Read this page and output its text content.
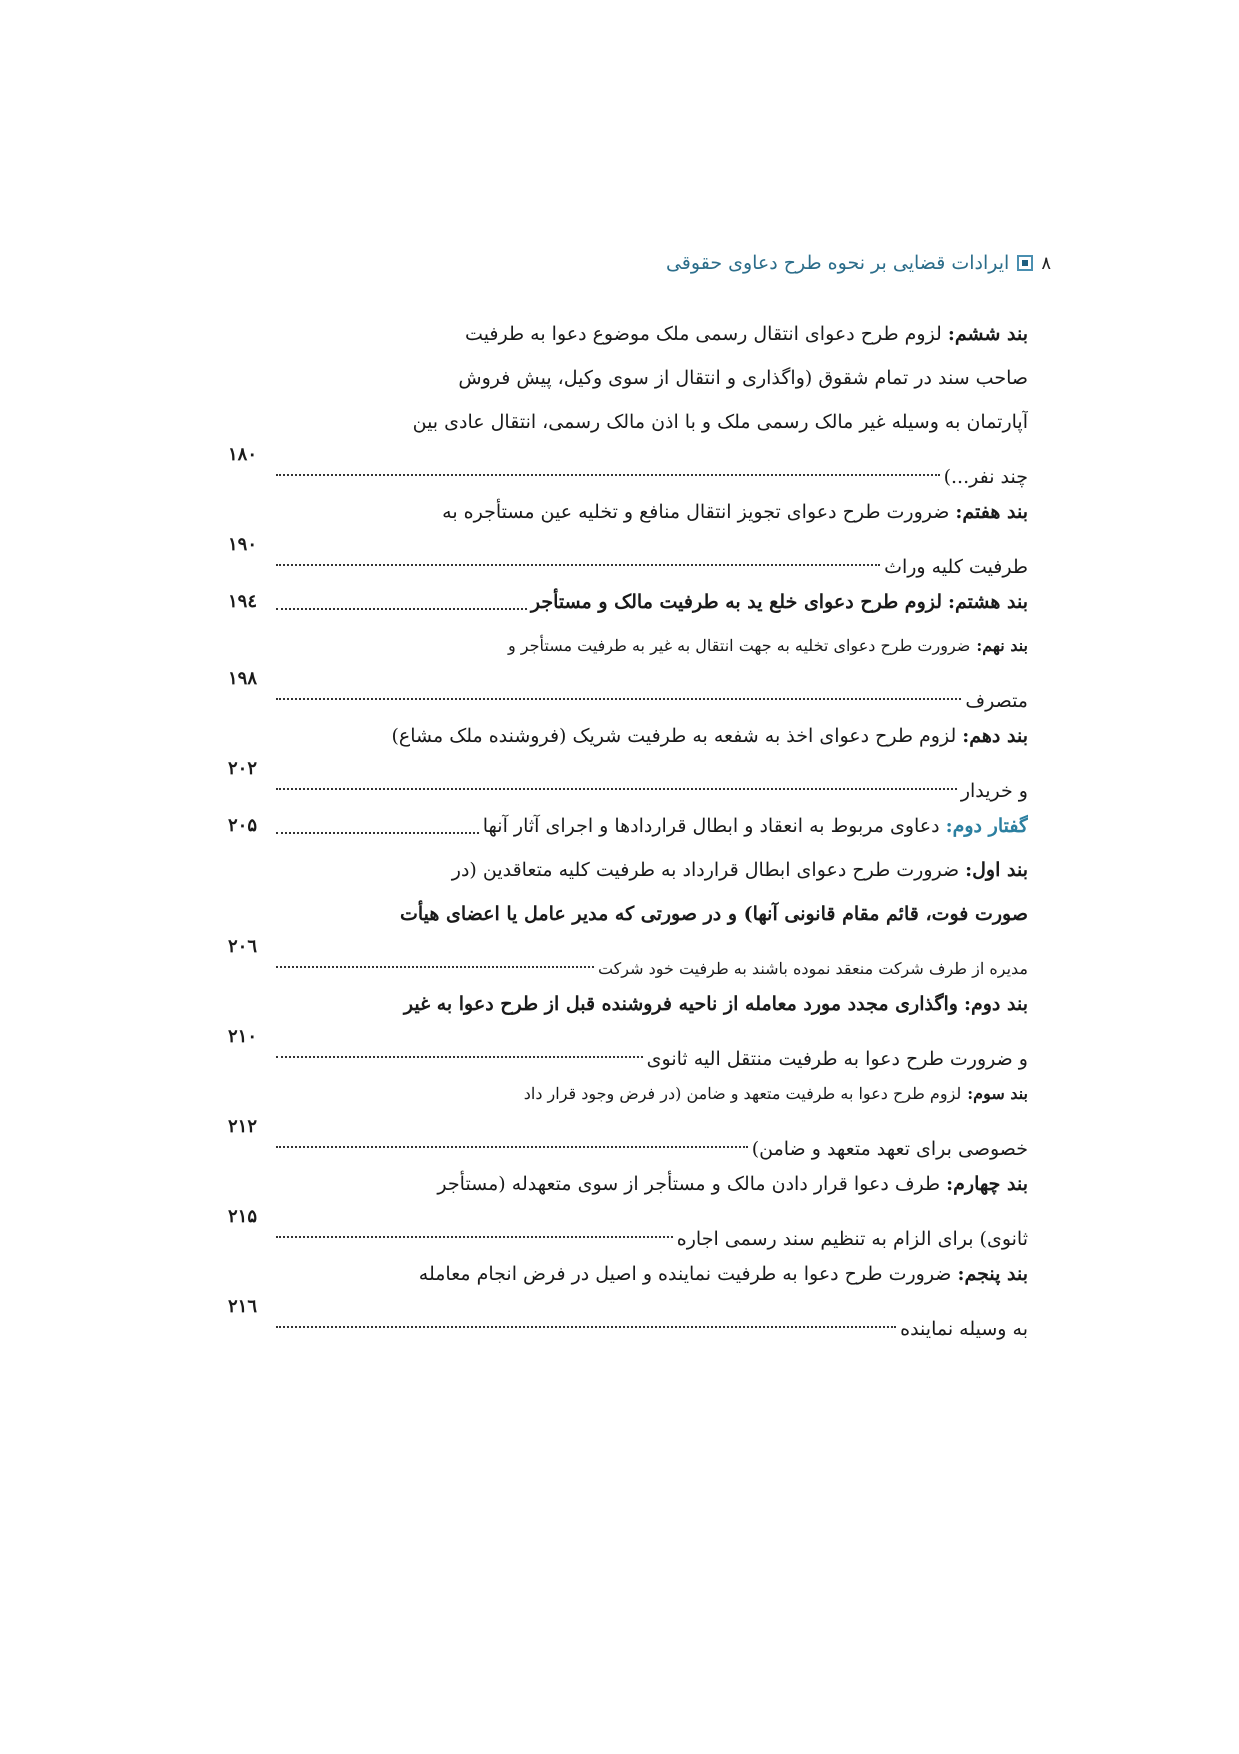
۸
ایرادات قضایی بر نحوه طرح دعاوی حقوقی
بند ششم:لزوم طرح دعوای انتقال رسمی ملک موضوع دعوا به طرفیت
صاحب سند در تمام شقوق (واگذاری و انتقال از سوی وکیل، پیش فروش
آپارتمان به وسیله غیر مالک رسمی ملک و با اذن مالک رسمی، انتقال عادی بین
چند نفر...)
۱۸۰
بند هفتم:
ضرورت طرح دعوای تجویز انتقال منافع و تخلیه عین مستأجره به
طرفیت کلیه وراث
۱۹۰
بند هشتم:
لزوم طرح دعوای خلع ید به طرفیت مالک و مستأجر
۱۹٤
بند نهم:
ضرورت طرح دعوای تخلیه به جهت انتقال به غیر به طرفیت مستأجر و
متصرف
۱۹۸
بند دهم:
لزوم طرح دعوای اخذ به شفعه به طرفیت شریک (فروشنده ملک مشاع)
و خریدار
۲۰۲
گفتار دوم:
دعاوی مربوط به انعقاد و ابطال قراردادها و اجرای آثار آنها
۲۰۵
بند اول:
ضرورت طرح دعوای ابطال قرارداد به طرفیت کلیه متعاقدین (در
صورت فوت، قائم مقام قانونی آنها) و در صورتی که مدیر عامل یا اعضای هیأت
مدیره از طرف شرکت منعقد نموده باشند به طرفیت خود شرکت
۲۰٦
بند دوم:
واگذاری مجدد مورد معامله از ناحیه فروشنده قبل از طرح دعوا به غیر
و ضرورت طرح دعوا به طرفیت منتقل الیه ثانوی
۲۱۰
بند سوم:
لزوم طرح دعوا به طرفیت متعهد و ضامن (در فرض وجود قرار داد
خصوصی برای تعهد متعهد و ضامن)
۲۱۲
بند چهارم:
طرف دعوا قرار دادن مالک و مستأجر از سوی متعهدله (مستأجر
ثانوی) برای الزام به تنظیم سند رسمی اجاره
۲۱۵
بند پنجم:
ضرورت طرح دعوا به طرفیت نماینده و اصیل در فرض انجام معامله
به وسیله نماینده
۲۱٦
